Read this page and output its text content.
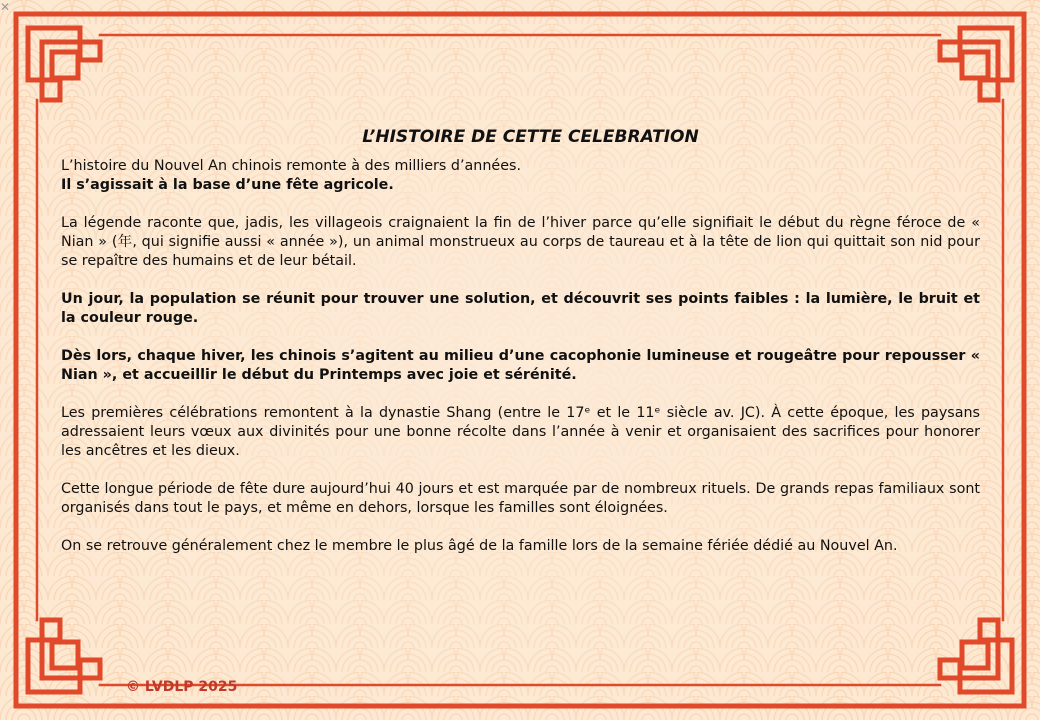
✕
L’HISTOIRE DE CETTE CELEBRATION
L’histoire du Nouvel An chinois remonte à des milliers d’années.
Il s’agissait à la base d’une fête agricole.
La légende raconte que, jadis, les villageois craignaient la fin de l’hiver parce qu’elle signifiait le début du règne féroce de « Nian » (年, qui signifie aussi « année »), un animal monstrueux au corps de taureau et à la tête de lion qui quittait son nid pour se repaître des humains et de leur bétail.
Un jour, la population se réunit pour trouver une solution, et découvrit ses points faibles : la lumière, le bruit et la couleur rouge.
Dès lors, chaque hiver, les chinois s’agitent au milieu d’une cacophonie lumineuse et rougeâtre pour repousser « Nian », et accueillir le début du Printemps avec joie et sérénité.
Les premières célébrations remontent à la dynastie Shang (entre le 17ᵉ et le 11ᵉ siècle av. JC). À cette époque, les paysans adressaient leurs vœux aux divinités pour une bonne récolte dans l’année à venir et organisaient des sacrifices pour honorer les ancêtres et les dieux.
Cette longue période de fête dure aujourd’hui 40 jours et est marquée par de nombreux rituels. De grands repas familiaux sont organisés dans tout le pays, et même en dehors, lorsque les familles sont éloignées.
On se retrouve généralement chez le membre le plus âgé de la famille lors de la semaine fériée dédié au Nouvel An.
© LVDLP 2025
